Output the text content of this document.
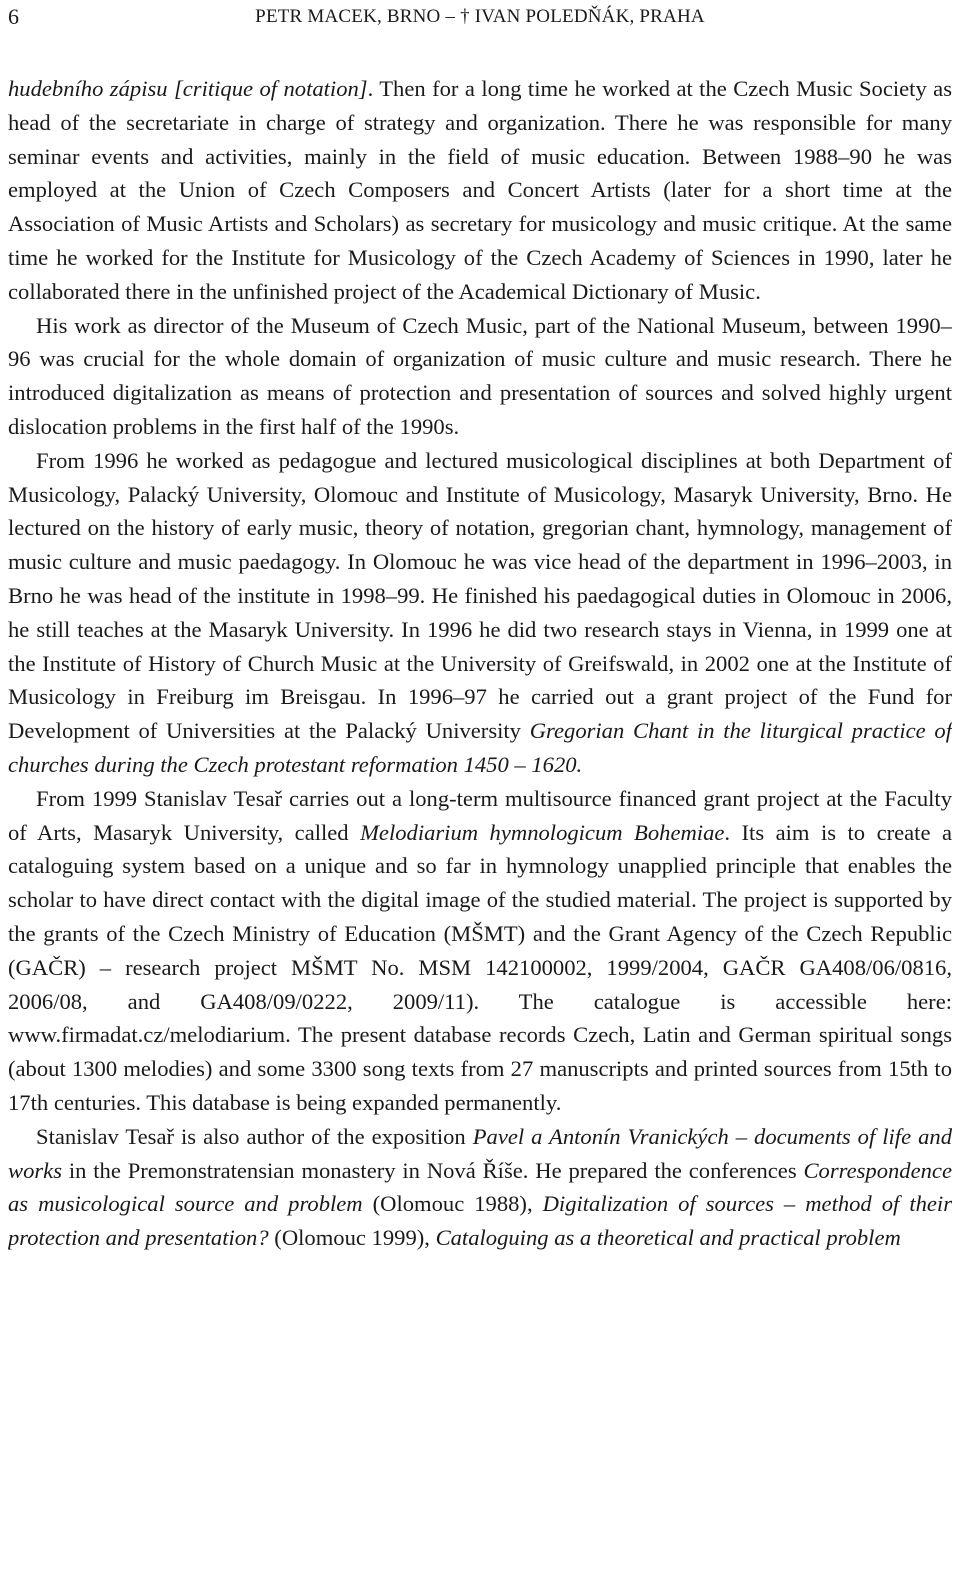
6	PETR MACEK, BRNO – † IVAN POLEDŇÁK, PRAHA

hudebního zápisu [critique of notation]. Then for a long time he worked at the Czech Music Society as head of the secretariate in charge of strategy and organization. There he was responsible for many seminar events and activities, mainly in the field of music education. Between 1988–90 he was employed at the Union of Czech Composers and Concert Artists (later for a short time at the Association of Music Artists and Scholars) as secretary for musicology and music critique. At the same time he worked for the Institute for Musicology of the Czech Academy of Sciences in 1990, later he collaborated there in the unfinished project of the Academical Dictionary of Music.

His work as director of the Museum of Czech Music, part of the National Museum, between 1990–96 was crucial for the whole domain of organization of music culture and music research. There he introduced digitalization as means of protection and presentation of sources and solved highly urgent dislocation problems in the first half of the 1990s.

From 1996 he worked as pedagogue and lectured musicological disciplines at both Department of Musicology, Palacký University, Olomouc and Institute of Musicology, Masaryk University, Brno. He lectured on the history of early music, theory of notation, gregorian chant, hymnology, management of music culture and music paedagogy. In Olomouc he was vice head of the department in 1996–2003, in Brno he was head of the institute in 1998–99. He finished his paedagogical duties in Olomouc in 2006, he still teaches at the Masaryk University. In 1996 he did two research stays in Vienna, in 1999 one at the Institute of History of Church Music at the University of Greifswald, in 2002 one at the Institute of Musicology in Freiburg im Breisgau. In 1996–97 he carried out a grant project of the Fund for Development of Universities at the Palacký University Gregorian Chant in the liturgical practice of churches during the Czech protestant reformation 1450 – 1620.

From 1999 Stanislav Tesař carries out a long-term multisource financed grant project at the Faculty of Arts, Masaryk University, called Melodiarium hymnologicum Bohemiae. Its aim is to create a cataloguing system based on a unique and so far in hymnology unapplied principle that enables the scholar to have direct contact with the digital image of the studied material. The project is supported by the grants of the Czech Ministry of Education (MŠMT) and the Grant Agency of the Czech Republic (GAČR) – research project MŠMT No. MSM 142100002, 1999/2004, GAČR GA408/06/0816, 2006/08, and GA408/09/0222, 2009/11). The catalogue is accessible here: www.firmadat.cz/melodiarium. The present database records Czech, Latin and German spiritual songs (about 1300 melodies) and some 3300 song texts from 27 manuscripts and printed sources from 15th to 17th centuries. This database is being expanded permanently.

Stanislav Tesař is also author of the exposition Pavel a Antonín Vranických – documents of life and works in the Premonstratensian monastery in Nová Říše. He prepared the conferences Correspondence as musicological source and problem (Olomouc 1988), Digitalization of sources – method of their protection and presentation? (Olomouc 1999), Cataloguing as a theoretical and practical problem
